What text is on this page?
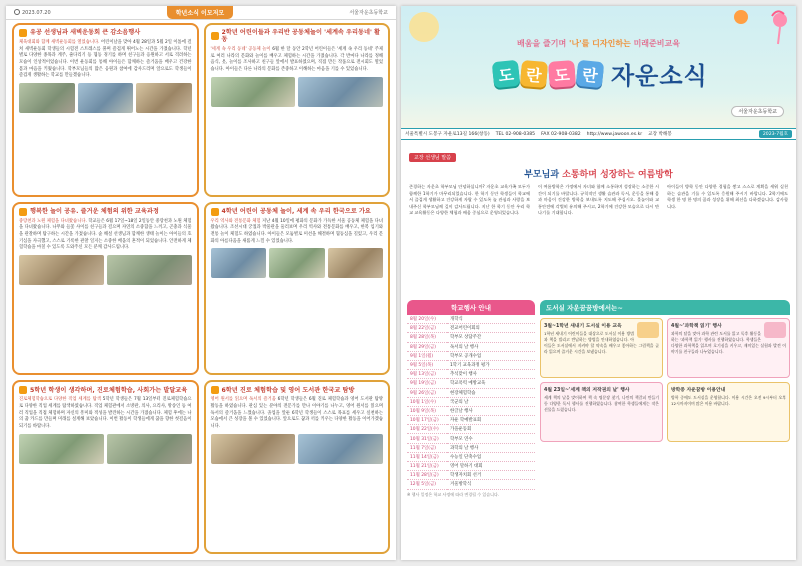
2023.07.20	학년소식 이모저모	서울자운초등학교
유공 선생님과 새벽운동회 큰 감소음행사
체육대회와 함께 새벽운동회를 열었습니다. 어린이날을 맞아 4월 28일과 5월 2일 이틀에 걸쳐 새벽운동회 학생들의 시험전 스트레스를 풀며 즐겁게 뛰어노는 시간을 가졌습니다. 학년별로 다양한 종목과 계주, 줄다리기 등 협동 경기를 하며 친구들과 응원하고 서로 격려하는 모습이 인상적이었습니다. 이번 운동회를 통해 아이들은 함께하는 즐거움을 배우고 건강한 몸과 마음을 키웠습니다. 학부모님들의 많은 응원과 참여에 감사드리며 앞으로도 학생들이 즐겁게 생활하는 학교를 만들겠습니다.
2학년 어린이들과 우리반 공동체놀이 '세계속 우리동네' 활동
'세계 속 우리 동네' 공동체 놀이 6월 한 달 동안 2학년 어린이들은 '세계 속 우리 동네' 주제로 여러 나라의 문화와 놀이를 배우고 체험하는 시간을 가졌습니다. 각 반마다 나라를 정해 음식, 옷, 놀이를 조사하고 친구들 앞에서 발표하였으며, 직접 만든 작품으로 전시회도 열었습니다. 아이들은 다른 나라의 문화를 존중하고 이해하는 마음을 기를 수 있었습니다.
행복한 놀이 공유. 즐거운 체험의 위한 교육과정
중랑천과 노원 체험을 다녀왔습니다. 학교들은 6월 17일~18일 2일동안 중랑천과 노원 체험을 다녀왔습니다. 나무와 들꽃 사이를 친구들과 걸으며 자연의 소중함을 느끼고, 곤충과 식물을 관찰하며 탐구하는 시간을 가졌습니다. 숲 해설 선생님과 함께한 생태 놀이는 아이들의 호기심을 자극했고, 스스로 기록한 관찰 일지는 소중한 배움의 흔적이 되었습니다. 안전하게 체험학습을 마칠 수 있도록 도와주신 모든 분께 감사드립니다.
4학년 어린이 공동체 놀이, 세계 속 우리 한국으로 가요
우리 역사와 전통문화 체험 지난 4월 10일에 평화의 문화가 가득한 서울 공동체 체험을 다녀왔습니다. 조선시대 궁궐과 박물관을 둘러보며 우리 역사와 전통문화를 배우고, 한복 입기와 전통 놀이 체험도 하였습니다. 아이들은 모둠별로 미션을 해결하며 협동심을 길렀고, 우리 문화의 아름다움을 새롭게 느낄 수 있었습니다.
5학년 학생이 생각하며, 진로체험학습, 사회가는 발달교육
진로체험학습으로 다양한 직업 세계를 탐색 5학년 학생들은 7월 13일부터 진로체험학습으로 다양한 직업 세계를 탐색하였습니다. 직업 체험관에서 소방관, 의사, 요리사, 방송인 등 여러 직업을 직접 체험하며 자신의 흥미와 적성을 발견하는 시간을 가졌습니다. 체험 후에는 나의 꿈 카드를 만들며 미래를 설계해 보았습니다. 이번 활동이 학생들에게 꿈을 향한 첫걸음이 되기를 바랍니다.
6학년 진로 체험학습 및 영어 도서관 한국교 탐방
영어 원서를 읽으며 독서의 즐거움 6학년 학생들은 6월 진로 체험학습과 영어 도서관 탐방 활동을 하였습니다. 관심 있는 분야의 전문가를 만나 이야기를 나누고, 영어 원서를 읽으며 독서의 즐거움을 느꼈습니다. 졸업을 앞둔 6학년 학생들이 스스로 목표를 세우고 실천하는 모습에서 큰 성장을 볼 수 있었습니다. 앞으로도 꿈과 끼를 키우는 다양한 활동을 이어가겠습니다.
배움을 즐기며 '나'를 디자인하는 미래준비교육
도 란 도 란 자운소식
서울자운초등학교
서울특별시 도봉구 자운로13길 166(창동) TEL 02-908-0385 FAX 02-908-0382 http://www.jawoon.es.kr 교장 박해봉	2023-7월호
교장 선생님 말씀
부모님과 소통하며 성장하는 여름방학
존경하는 자운초 학부모님 안녕하십니까? 자운초 교육가족 모두가 함께한 1학기가 마무리되었습니다. 한 학기 동안 학생들이 학교에서 즐겁게 생활하고 건강하게 자랄 수 있도록 늘 관심과 사랑을 보내주신 학부모님께 깊이 감사드립니다. 지난 한 학기 동안 우리 학교 교육활동은 다양한 체험과 배움 중심으로 운영되었습니다.
이 여름방학은 가정에서 자녀와 함께 소통하며 성장하는 소중한 시간이 되기를 바랍니다. 규칙적인 생활 습관과 독서, 운동을 통해 몸과 마음이 건강한 방학을 보내도록 지도해 주십시오. 물놀이와 교통안전에 각별히 유의해 주시고, 2학기에 건강한 모습으로 다시 만나기를 기대합니다.
아이들이 방학 동안 다양한 경험을 쌓고 스스로 계획을 세워 실천하는 습관을 기를 수 있도록 응원해 주시기 바랍니다. 2학기에도 학생 한 명 한 명의 꿈과 성장을 위해 최선을 다하겠습니다. 감사합니다.
학교행사 안내
8월 20일(수)	개학식
8월 22일(금)	전교어린이회의
8월 28일(목)	학부모 상담주간
8월 29일(금)	독서의 날 행사
9월 1일(월)	학부모 공개수업
9월 5일(목)	1학기 교육과정 평가
9월 13일(금)	추석맞이 행사
9월 19일(금)	학교폭력 예방교육
9월 26일(금)	현장체험학습
10월 1일(수)	국군의 날
10월 9일(목)	한글날 행사
10월 17일(금)	자운 학예발표회
10월 22일(수)	가을운동회
10월 31일(금)	학부모 연수
11월 7일(금)	과학의 날 행사
11월 14일(금)	수능일 단축수업
11월 21일(금)	영어 말하기 대회
11월 28일(금)	학생자치회 선거
12월 5일(금)	겨울방학식
※ 행사 일정은 학교 사정에 따라 변경될 수 있습니다.
도서실 자운꿈꿈방에서는~
3월~1학년 새내기 도서실 이용 교육
1학년 새내기 어린이들을 대상으로 도서실 이용 방법과 책을 빌리고 반납하는 방법을 안내하였습니다. 아이들은 도서실에서 지켜야 할 약속을 배우고 좋아하는 그림책을 골라 읽으며 즐거운 시간을 보냈습니다.
4월~'과학책 읽기' 행사
과학의 달을 맞아 과학 관련 도서를 읽고 독후 활동을 하는 '과학책 읽기' 행사를 진행하였습니다. 학생들은 다양한 과학책을 읽으며 호기심을 키우고, 재미있는 실험과 발견 이야기를 친구들과 나누었습니다.
4월 23일~'세계 책의 저작권의 날' 행사
세계 책의 날을 맞이하여 책 속 명문장 찾기, 나만의 책갈피 만들기 등 다양한 독서 행사를 진행하였습니다. 참여한 학생들에게는 작은 선물을 드렸습니다.
방학중 자운꿈방 이용안내
방학 중에도 도서실을 운영합니다. 이용 시간은 오전 9시부터 오후 12시까지이며 많은 이용 바랍니다.
